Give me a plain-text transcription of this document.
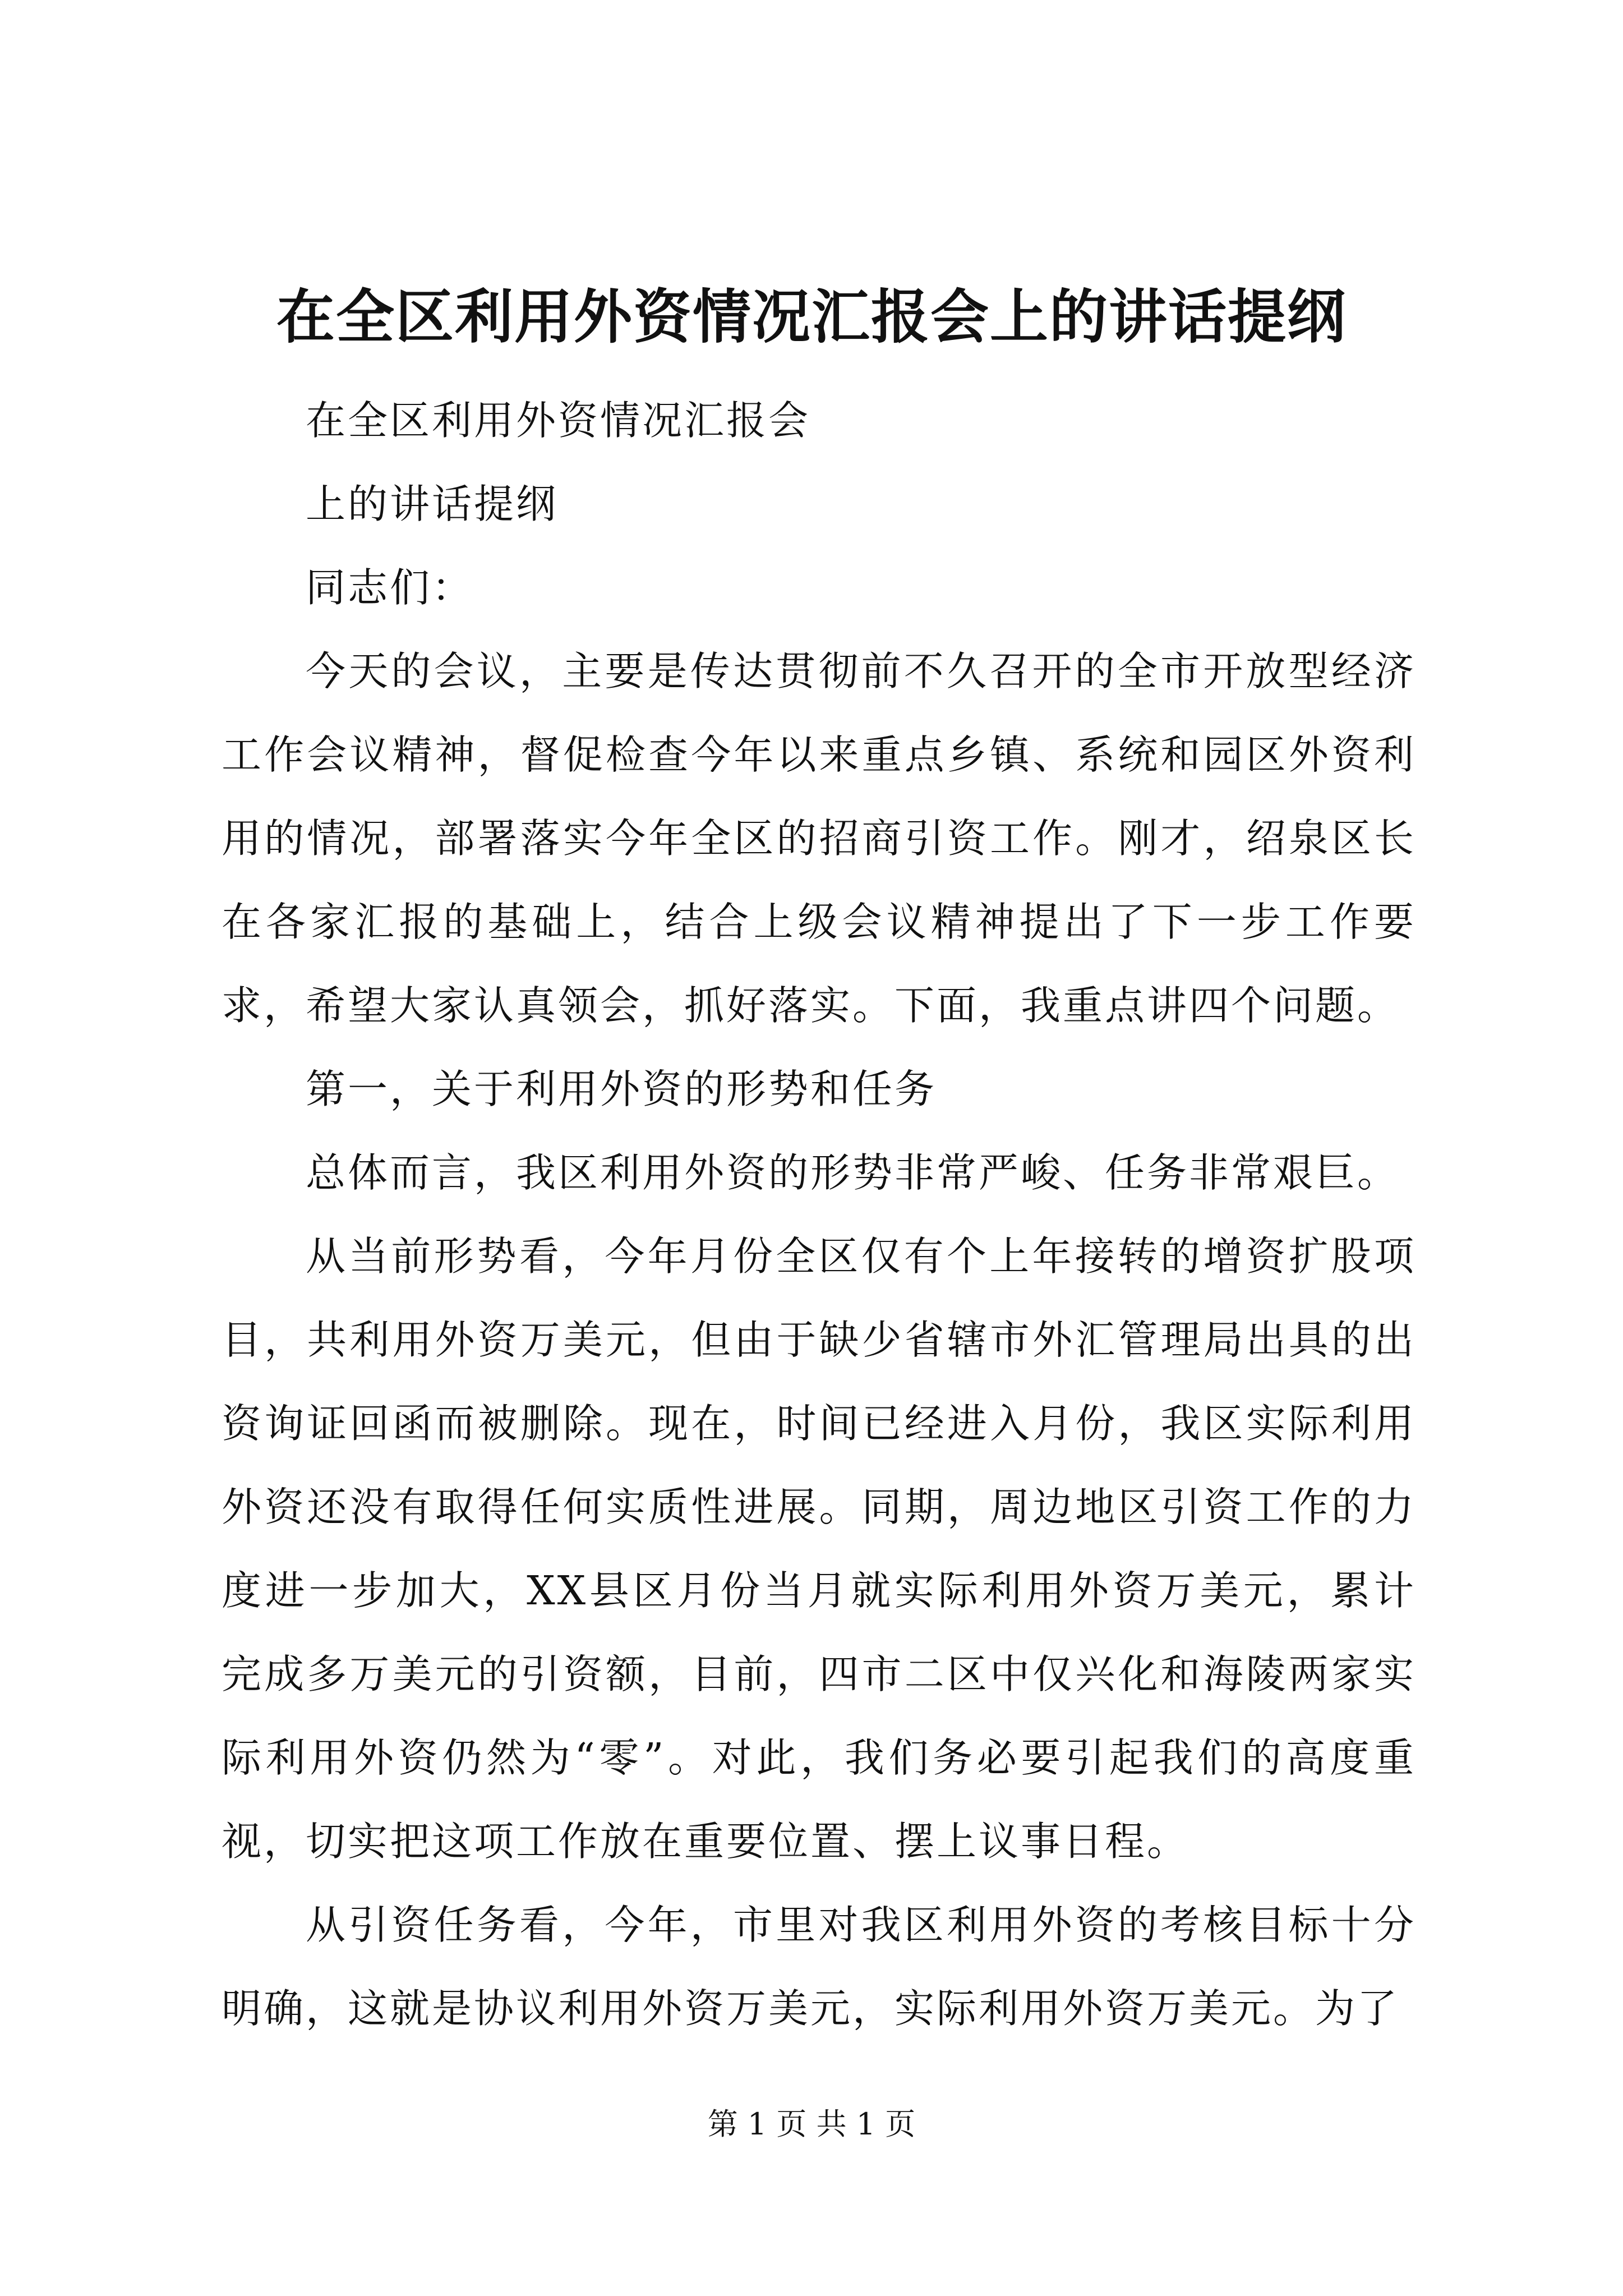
在全区利用外资情况汇报会上的讲话提纲

在全区利用外资情况汇报会

上的讲话提纲

同志们：

今天的会议，主要是传达贯彻前不久召开的全市开放型经济工作会议精神，督促检查今年以来重点乡镇、系统和园区外资利用的情况，部署落实今年全区的招商引资工作。刚才，绍泉区长在各家汇报的基础上，结合上级会议精神提出了下一步工作要求，希望大家认真领会，抓好落实。下面，我重点讲四个问题。

第一，关于利用外资的形势和任务

总体而言，我区利用外资的形势非常严峻、任务非常艰巨。

从当前形势看，今年月份全区仅有个上年接转的增资扩股项目，共利用外资万美元，但由于缺少省辖市外汇管理局出具的出资询证回函而被删除。现在，时间已经进入月份，我区实际利用外资还没有取得任何实质性进展。同期，周边地区引资工作的力度进一步加大，XX县区月份当月就实际利用外资万美元，累计完成多万美元的引资额，目前，四市二区中仅兴化和海陵两家实际利用外资仍然为“零”。对此，我们务必要引起我们的高度重视，切实把这项工作放在重要位置、摆上议事日程。

从引资任务看，今年，市里对我区利用外资的考核目标十分明确，这就是协议利用外资万美元，实际利用外资万美元。为了

第 1 页 共 1 页
